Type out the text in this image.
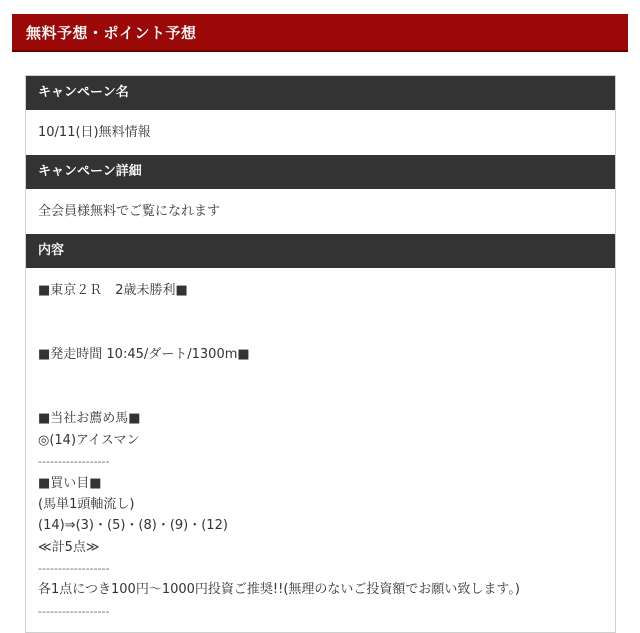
無料予想・ポイント予想
キャンペーン名
10/11(日)無料情報
キャンペーン詳細
全会員様無料でご覧になれます
内容
■東京２Ｒ　2歳未勝利■
■発走時間 10:45/ダート/1300m■
■当社お薦め馬■
◎(14)アイスマン
------------------
■買い目■
(馬単1頭軸流し)
(14)⇒(3)・(5)・(8)・(9)・(12)
≪計5点≫
------------------
各1点につき100円〜1000円投資ご推奨!!(無理のないご投資額でお願い致します。)
------------------
